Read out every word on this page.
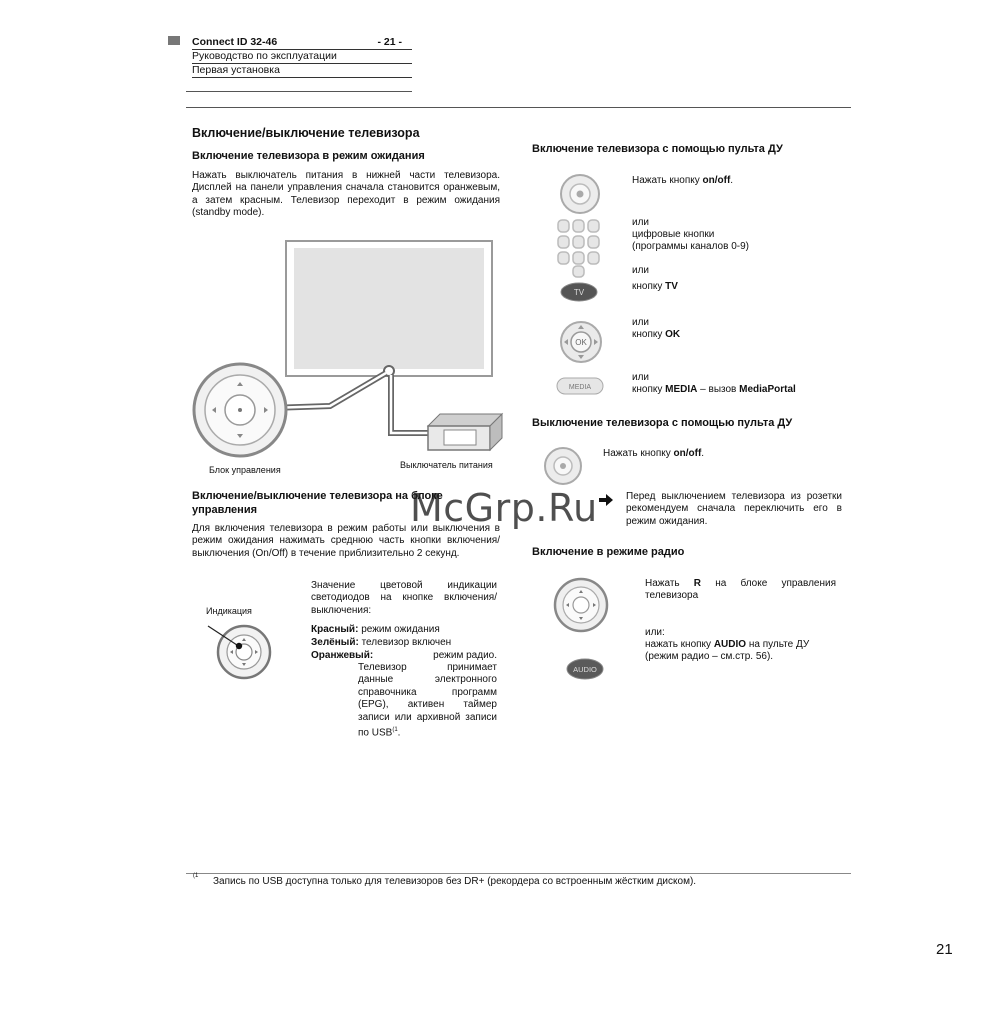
Connect ID 32-46	- 21 -
Руководство по эксплуатации
Первая установка
Включение/выключение телевизора
Включение телевизора в режим ожидания
Нажать выключатель питания в нижней части телевизора. Дисплей на панели управления сначала становится оранжевым, а затем красным. Телевизор переходит в режим ожидания (standby mode).
Блок управления	Выключатель питания
Включение/выключение телевизора на блоке управления
Для включения телевизора в режим работы или выключения в режим ожидания нажимать среднюю часть кнопки включения/выключения (On/Off) в течение приблизительно 2 секунд.
Индикация
Значение цветовой индикации светодиодов на кнопке включения/выключения:
Красный: режим ожидания
Зелёный: телевизор включен
Оранжевый:	режим радио.
Телевизор принимает данные электронного справочника программ (EPG), активен таймер записи или архивной записи по USB$^{(1}$.
Включение телевизора с помощью пульта ДУ
Нажать кнопку on/off.
или
цифровые кнопки
(программы каналов 0-9)
или
TV
кнопку TV
OK
или
кнопку OK
MEDIA
или
кнопку MEDIA – вызов MediaPortal
Выключение телевизора с помощью пульта ДУ
Нажать кнопку on/off.
Перед выключением телевизора из розетки рекомендуем сначала переключить его в режим ожидания.
Включение в режиме радио
AUDIO
Нажать R на блоке управления телевизора
или:
нажать кнопку AUDIO на пульте ДУ (режим радио – см.стр. 56).
McGrp.Ru
(1 Запись по USB доступна только для телевизоров без DR+ (рекордера со встроенным жёстким диском).
21
